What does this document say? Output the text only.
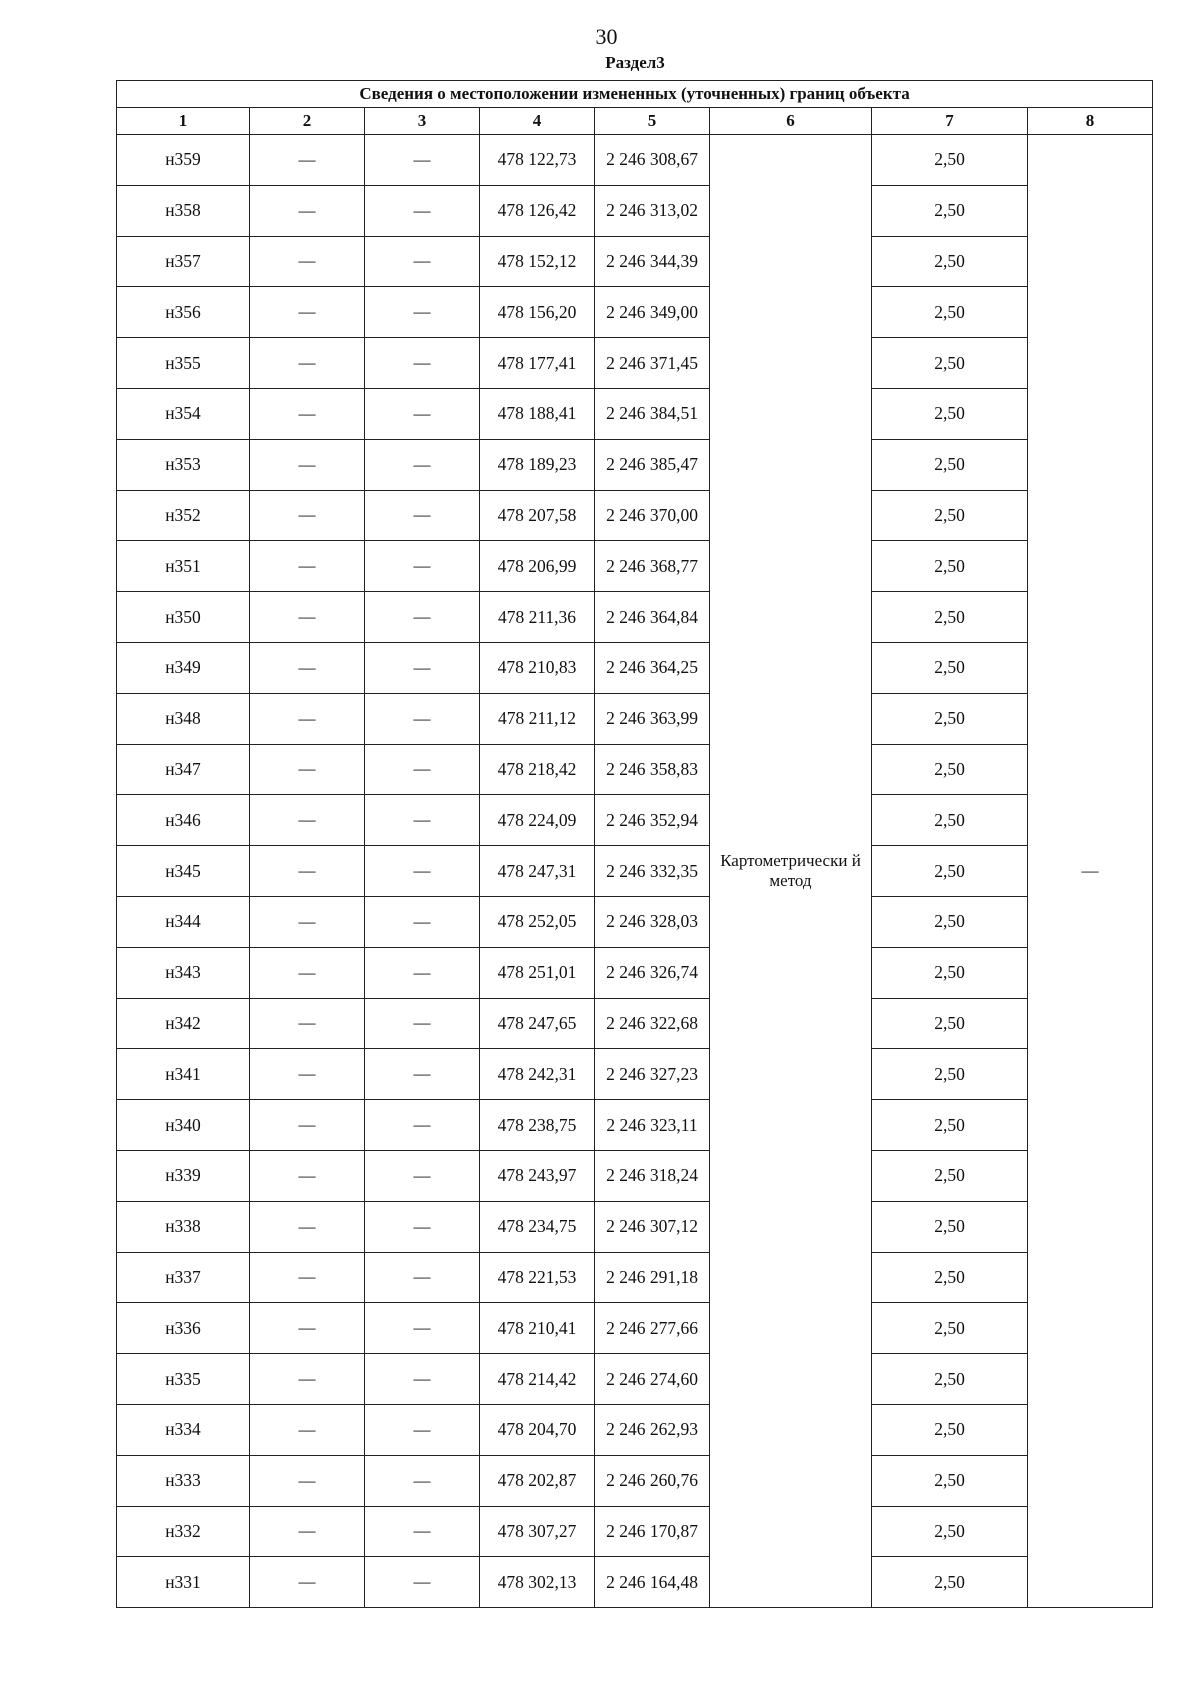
30
Раздел3
Сведения о местоположении измененных (уточненных) границ объекта							
1	2	3	4	5	6	7	8
н359	—	—	478 122,73	2 246 308,67	Картометрически й метод	2,50	—
н358	—	—	478 126,42	2 246 313,02		2,50	
н357	—	—	478 152,12	2 246 344,39		2,50	
н356	—	—	478 156,20	2 246 349,00		2,50	
н355	—	—	478 177,41	2 246 371,45		2,50	
н354	—	—	478 188,41	2 246 384,51		2,50	
н353	—	—	478 189,23	2 246 385,47		2,50	
н352	—	—	478 207,58	2 246 370,00		2,50	
н351	—	—	478 206,99	2 246 368,77		2,50	
н350	—	—	478 211,36	2 246 364,84		2,50	
н349	—	—	478 210,83	2 246 364,25		2,50	
н348	—	—	478 211,12	2 246 363,99		2,50	
н347	—	—	478 218,42	2 246 358,83		2,50	
н346	—	—	478 224,09	2 246 352,94		2,50	
н345	—	—	478 247,31	2 246 332,35		2,50	
н344	—	—	478 252,05	2 246 328,03		2,50	
н343	—	—	478 251,01	2 246 326,74		2,50	
н342	—	—	478 247,65	2 246 322,68		2,50	
н341	—	—	478 242,31	2 246 327,23		2,50	
н340	—	—	478 238,75	2 246 323,11		2,50	
н339	—	—	478 243,97	2 246 318,24		2,50	
н338	—	—	478 234,75	2 246 307,12		2,50	
н337	—	—	478 221,53	2 246 291,18		2,50	
н336	—	—	478 210,41	2 246 277,66		2,50	
н335	—	—	478 214,42	2 246 274,60		2,50	
н334	—	—	478 204,70	2 246 262,93		2,50	
н333	—	—	478 202,87	2 246 260,76		2,50	
н332	—	—	478 307,27	2 246 170,87		2,50	
н331	—	—	478 302,13	2 246 164,48		2,50	
